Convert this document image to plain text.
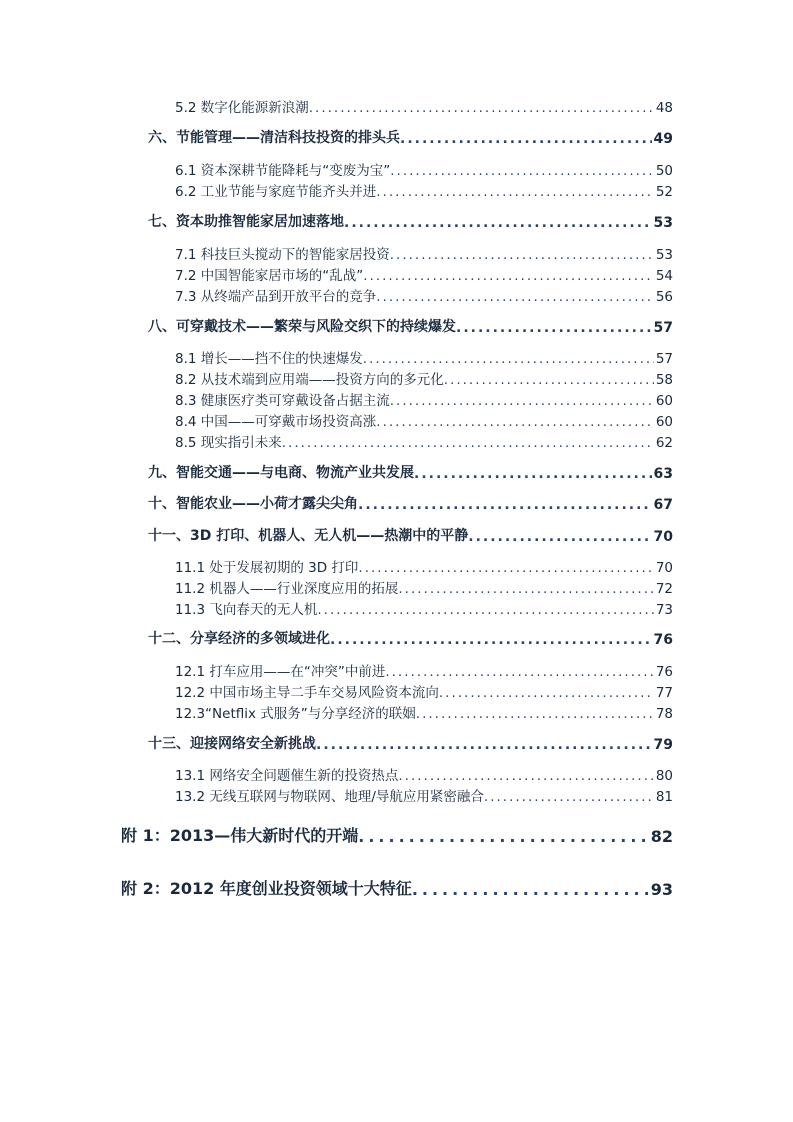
5.2 数字化能源新浪潮 .....	48
六、节能管理——清洁科技投资的排头兵 .....	49
6.1 资本深耕节能降耗与“变废为宝” .....	50
6.2 工业节能与家庭节能齐头并进 .....	52
七、资本助推智能家居加速落地 .....	53
7.1 科技巨头搅动下的智能家居投资 .....	53
7.2 中国智能家居市场的“乱战” .....	54
7.3 从终端产品到开放平台的竞争 .....	56
八、可穿戴技术——繁荣与风险交织下的持续爆发 .....	57
8.1 增长——挡不住的快速爆发 .....	57
8.2 从技术端到应用端——投资方向的多元化 .....	58
8.3 健康医疗类可穿戴设备占据主流 .....	60
8.4 中国——可穿戴市场投资高涨 .....	60
8.5 现实指引未来 .....	62
九、智能交通——与电商、物流产业共发展 .....	63
十、智能农业——小荷才露尖尖角 .....	67
十一、3D 打印、机器人、无人机——热潮中的平静 .....	70
11.1 处于发展初期的 3D 打印 .....	70
11.2 机器人——行业深度应用的拓展 .....	72
11.3 飞向春天的无人机 .....	73
十二、分享经济的多领域进化 .....	76
12.1 打车应用——在“冲突”中前进 .....	76
12.2 中国市场主导二手车交易风险资本流向 .....	77
12.3“Netflix 式服务”与分享经济的联姻 .....	78
十三、迎接网络安全新挑战 .....	79
13.1 网络安全问题催生新的投资热点 .....	80
13.2 无线互联网与物联网、地理/导航应用紧密融合 .....	81
附 1：2013—伟大新时代的开端 .....	82
附 2：2012 年度创业投资领域十大特征 .....	93
